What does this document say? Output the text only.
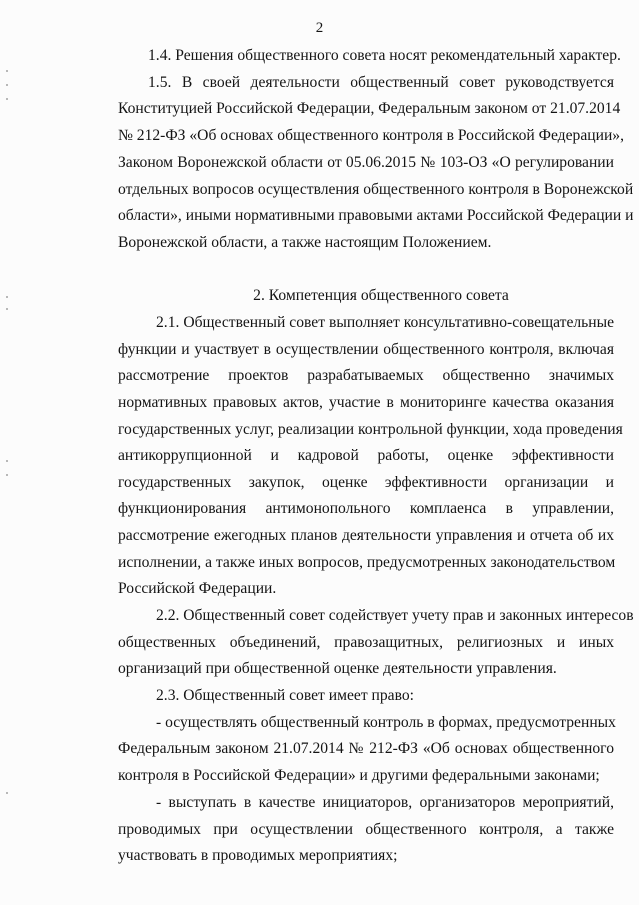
2
1.4. Решения общественного совета носят рекомендательный характер.
1.5. В своей деятельности общественный совет руководствуется
Конституцией Российской Федерации, Федеральным законом от 21.07.2014
№ 212-ФЗ «Об основах общественного контроля в Российской Федерации»,
Законом Воронежской области от 05.06.2015 № 103-ОЗ «О регулировании
отдельных вопросов осуществления общественного контроля в Воронежской
области», иными нормативными правовыми актами Российской Федерации и
Воронежской области, а также настоящим Положением.
2. Компетенция общественного совета
2.1. Общественный совет выполняет консультативно-совещательные
функции и участвует в осуществлении общественного контроля, включая
рассмотрение проектов разрабатываемых общественно значимых
нормативных правовых актов, участие в мониторинге качества оказания
государственных услуг, реализации контрольной функции, хода проведения
антикоррупционной и кадровой работы, оценке эффективности
государственных закупок, оценке эффективности организации и
функционирования антимонопольного комплаенса в управлении,
рассмотрение ежегодных планов деятельности управления и отчета об их
исполнении, а также иных вопросов, предусмотренных законодательством
Российской Федерации.
2.2. Общественный совет содействует учету прав и законных интересов
общественных объединений, правозащитных, религиозных и иных
организаций при общественной оценке деятельности управления.
2.3. Общественный совет имеет право:
- осуществлять общественный контроль в формах, предусмотренных
Федеральным законом 21.07.2014 № 212-ФЗ «Об основах общественного
контроля в Российской Федерации» и другими федеральными законами;
- выступать в качестве инициаторов, организаторов мероприятий,
проводимых при осуществлении общественного контроля, а также
участвовать в проводимых мероприятиях;
